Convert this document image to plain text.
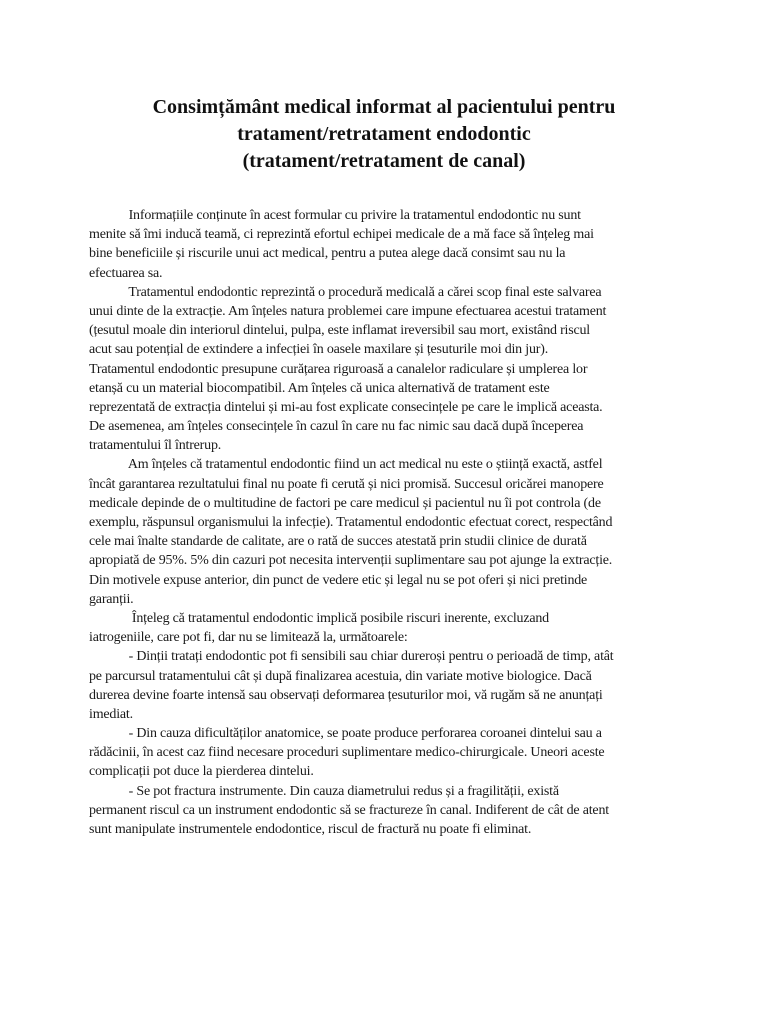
Consimțământ medical informat al pacientului pentru
tratament/retratament endodontic
(tratament/retratament de canal)
Informațiile conținute în acest formular cu privire la tratamentul endodontic nu sunt
menite să îmi inducă teamă, ci reprezintă efortul echipei medicale de a mă face să înțeleg mai
bine beneficiile și riscurile unui act medical, pentru a putea alege dacă consimt sau nu la
efectuarea sa.
Tratamentul endodontic reprezintă o procedură medicală a cărei scop final este salvarea
unui dinte de la extracție. Am înțeles natura problemei care impune efectuarea acestui tratament
(țesutul moale din interiorul dintelui, pulpa, este inflamat ireversibil sau mort, existând riscul
acut sau potențial de extindere a infecției în oasele maxilare și țesuturile moi din jur).
Tratamentul endodontic presupune curățarea riguroasă a canalelor radiculare și umplerea lor
etanșă cu un material biocompatibil. Am înțeles că unica alternativă de tratament este
reprezentată de extracția dintelui și mi-au fost explicate consecințele pe care le implică aceasta.
De asemenea, am înțeles consecințele în cazul în care nu fac nimic sau dacă după începerea
tratamentului îl întrerup.
Am înțeles că tratamentul endodontic fiind un act medical nu este o știință exactă, astfel
încât garantarea rezultatului final nu poate fi cerută și nici promisă. Succesul oricărei manopere
medicale depinde de o multitudine de factori pe care medicul și pacientul nu îi pot controla (de
exemplu, răspunsul organismului la infecție). Tratamentul endodontic efectuat corect, respectând
cele mai înalte standarde de calitate, are o rată de succes atestată prin studii clinice de durată
apropiată de 95%. 5% din cazuri pot necesita intervenții suplimentare sau pot ajunge la extracție.
Din motivele expuse anterior, din punct de vedere etic și legal nu se pot oferi și nici pretinde
garanții.
Înțeleg că tratamentul endodontic implică posibile riscuri inerente, excluzand
iatrogeniile, care pot fi, dar nu se limitează la, următoarele:
- Dinții tratați endodontic pot fi sensibili sau chiar dureroși pentru o perioadă de timp, atât
pe parcursul tratamentului cât și după finalizarea acestuia, din variate motive biologice. Dacă
durerea devine foarte intensă sau observați deformarea țesuturilor moi, vă rugăm să ne anunțați
imediat.
- Din cauza dificultăților anatomice, se poate produce perforarea coroanei dintelui sau a
rădăcinii, în acest caz fiind necesare proceduri suplimentare medico-chirurgicale. Uneori aceste
complicații pot duce la pierderea dintelui.
- Se pot fractura instrumente. Din cauza diametrului redus și a fragilității, există
permanent riscul ca un instrument endodontic să se fractureze în canal. Indiferent de cât de atent
sunt manipulate instrumentele endodontice, riscul de fractură nu poate fi eliminat.
